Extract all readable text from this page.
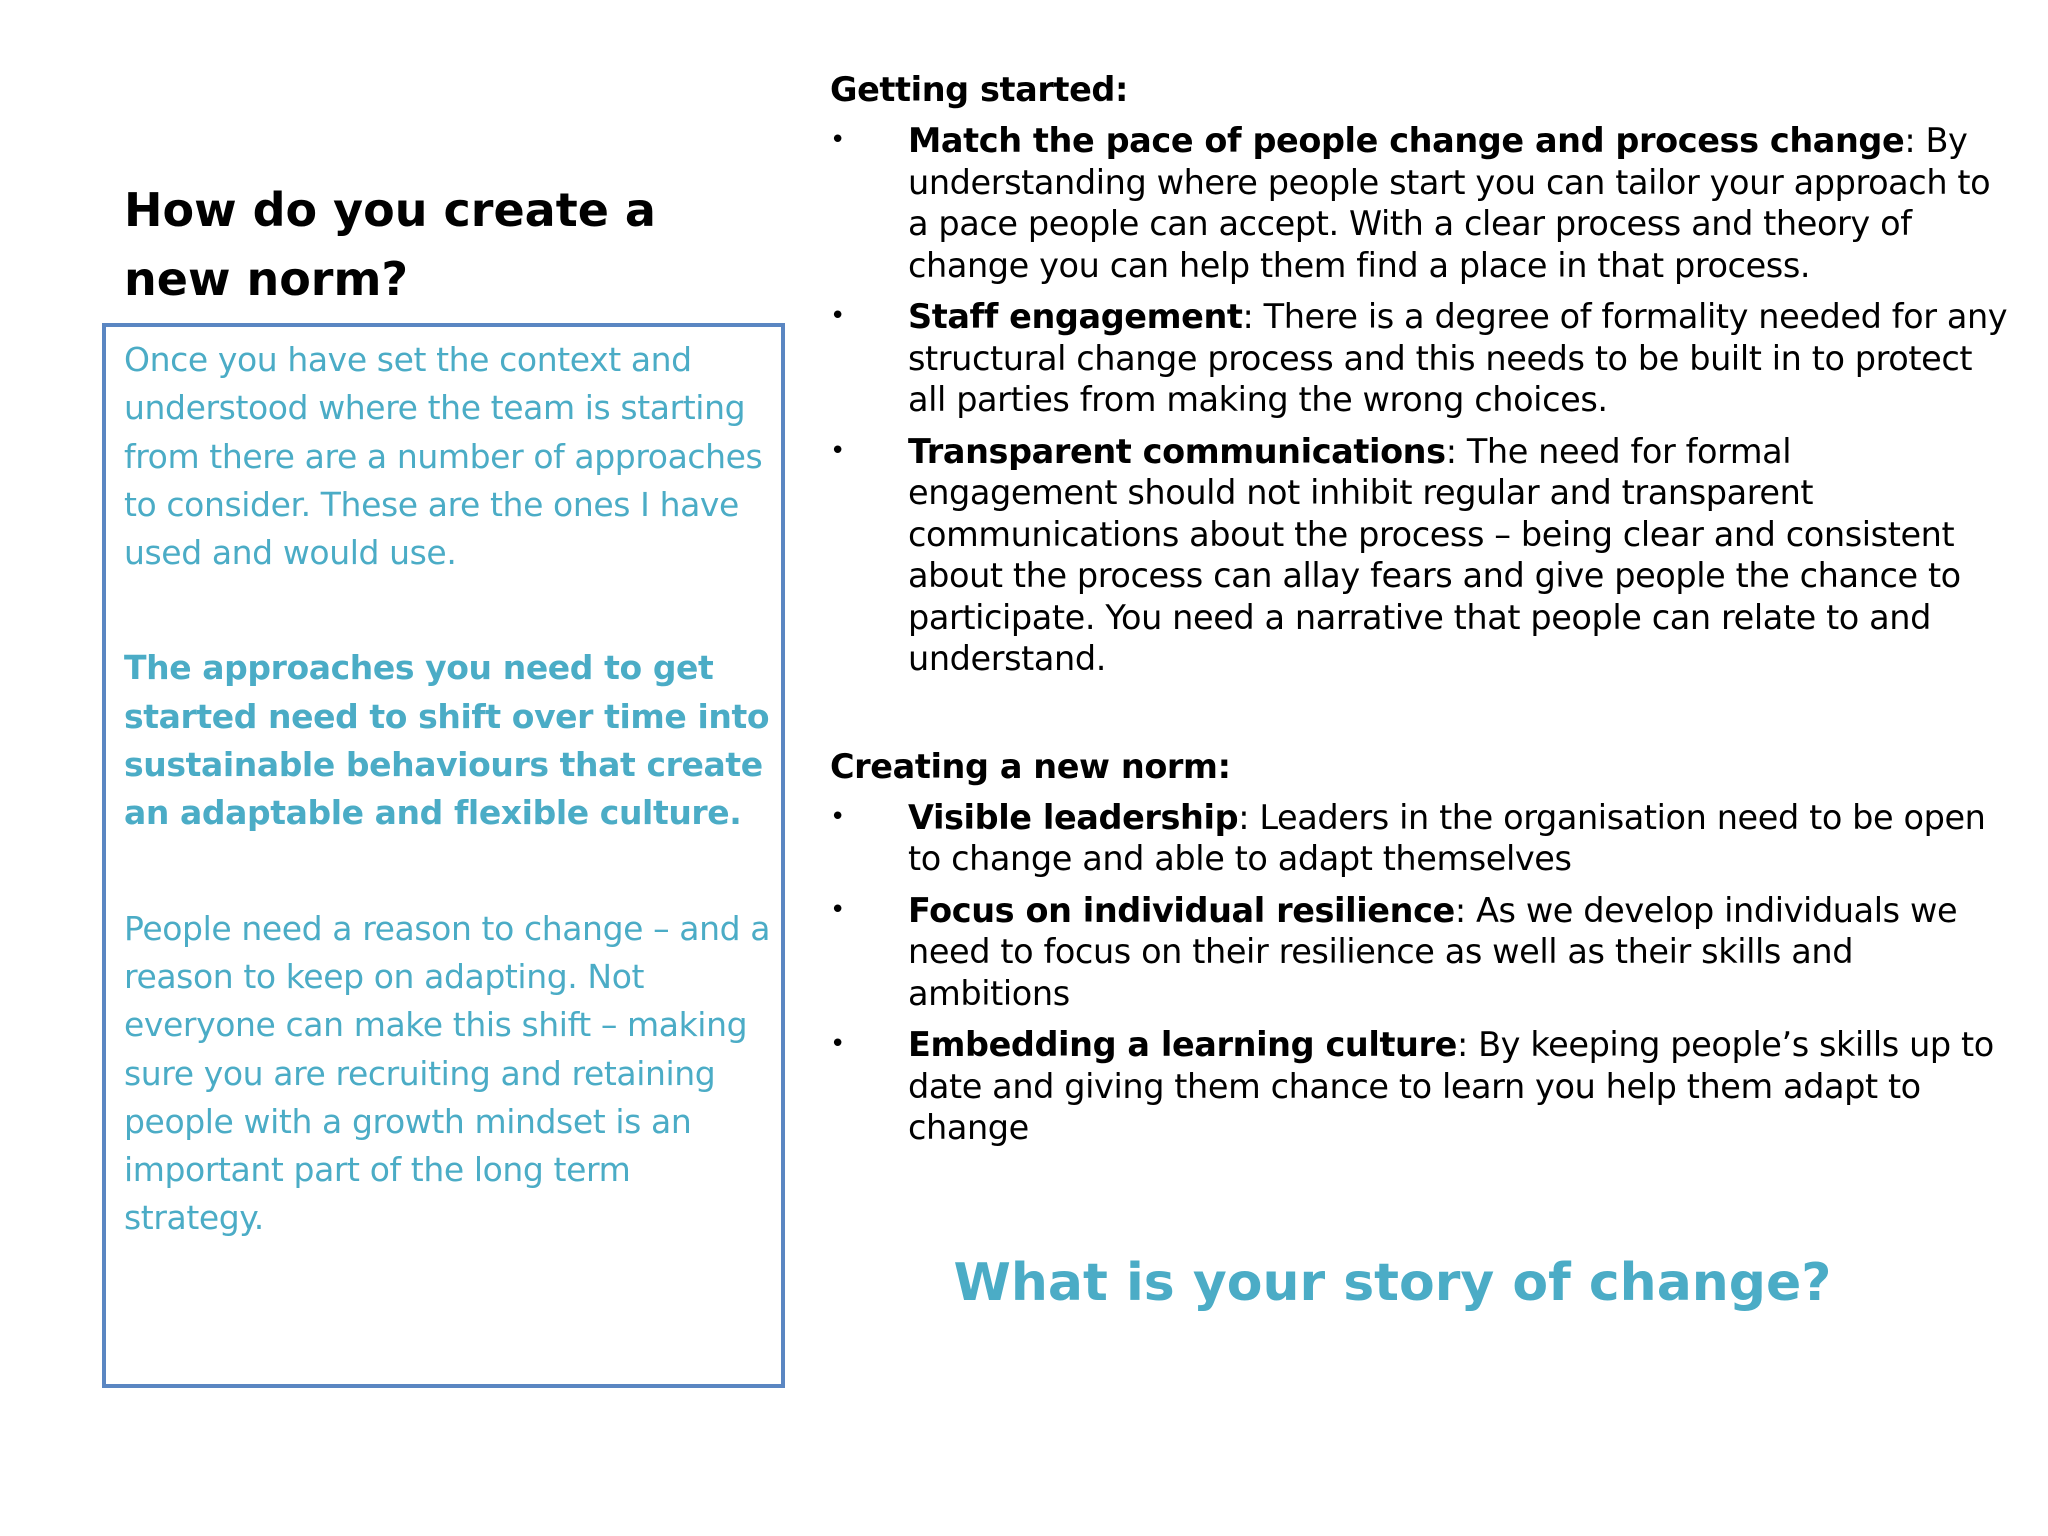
How do you create a new norm?

Once you have set the context and understood where the team is starting from there are a number of approaches to consider. These are the ones I have used and would use.

The approaches you need to get started need to shift over time into sustainable behaviours that create an adaptable and flexible culture.

People need a reason to change – and a reason to keep on adapting. Not everyone can make this shift – making sure you are recruiting and retaining people with a growth mindset is an important part of the long term strategy.

Getting started:
• Match the pace of people change and process change: By understanding where people start you can tailor your approach to a pace people can accept. With a clear process and theory of change you can help them find a place in that process.
• Staff engagement: There is a degree of formality needed for any structural change process and this needs to be built in to protect all parties from making the wrong choices.
• Transparent communications: The need for formal engagement should not inhibit regular and transparent communications about the process – being clear and consistent about the process can allay fears and give people the chance to participate. You need a narrative that people can relate to and understand.
Creating a new norm:
• Visible leadership: Leaders in the organisation need to be open to change and able to adapt themselves
• Focus on individual resilience: As we develop individuals we need to focus on their resilience as well as their skills and ambitions
• Embedding a learning culture: By keeping people’s skills up to date and giving them chance to learn you help them adapt to change

What is your story of change?
